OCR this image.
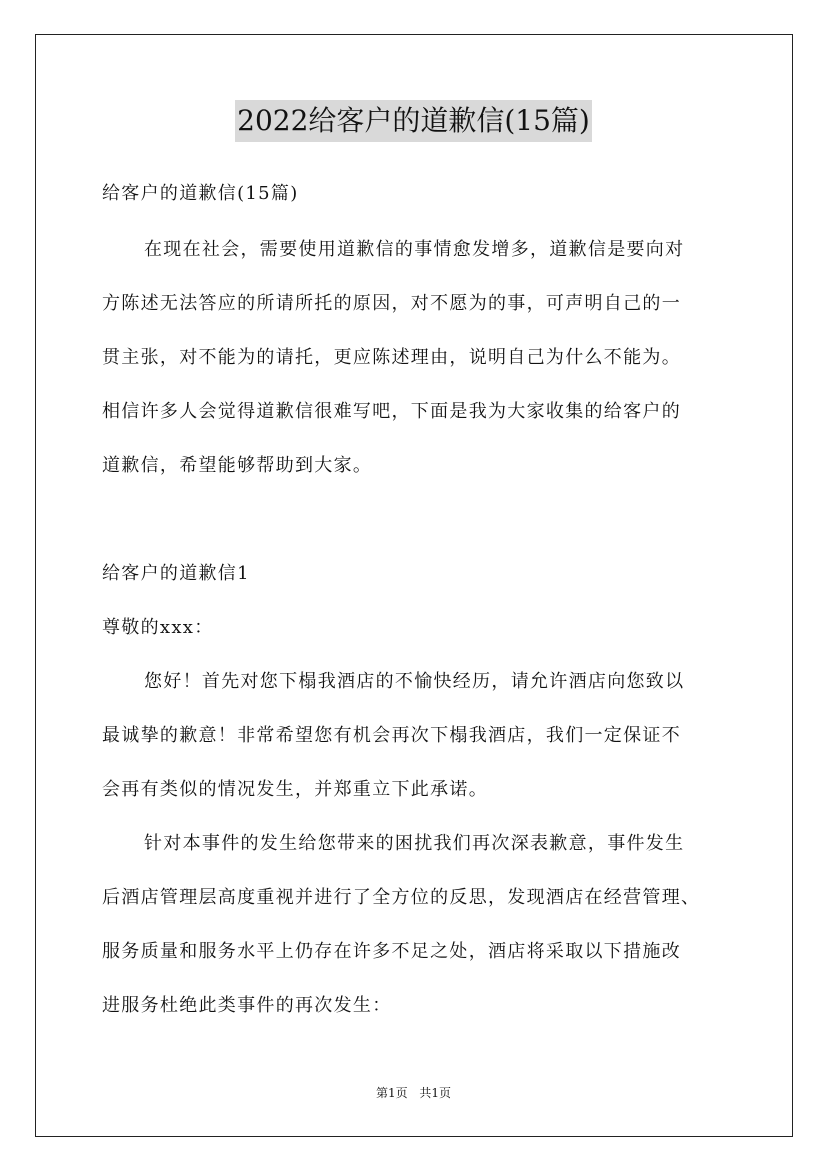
2022给客户的道歉信(15篇)
给客户的道歉信(15篇)
在现在社会，需要使用道歉信的事情愈发增多，道歉信是要向对
方陈述无法答应的所请所托的原因，对不愿为的事，可声明自己的一
贯主张，对不能为的请托，更应陈述理由，说明自己为什么不能为。
相信许多人会觉得道歉信很难写吧，下面是我为大家收集的给客户的
道歉信，希望能够帮助到大家。
给客户的道歉信1
尊敬的xxx：
您好！首先对您下榻我酒店的不愉快经历，请允许酒店向您致以
最诚挚的歉意！非常希望您有机会再次下榻我酒店，我们一定保证不
会再有类似的情况发生，并郑重立下此承诺。
针对本事件的发生给您带来的困扰我们再次深表歉意，事件发生
后酒店管理层高度重视并进行了全方位的反思，发现酒店在经营管理、
服务质量和服务水平上仍存在许多不足之处，酒店将采取以下措施改
进服务杜绝此类事件的再次发生：
第1页 共1页
